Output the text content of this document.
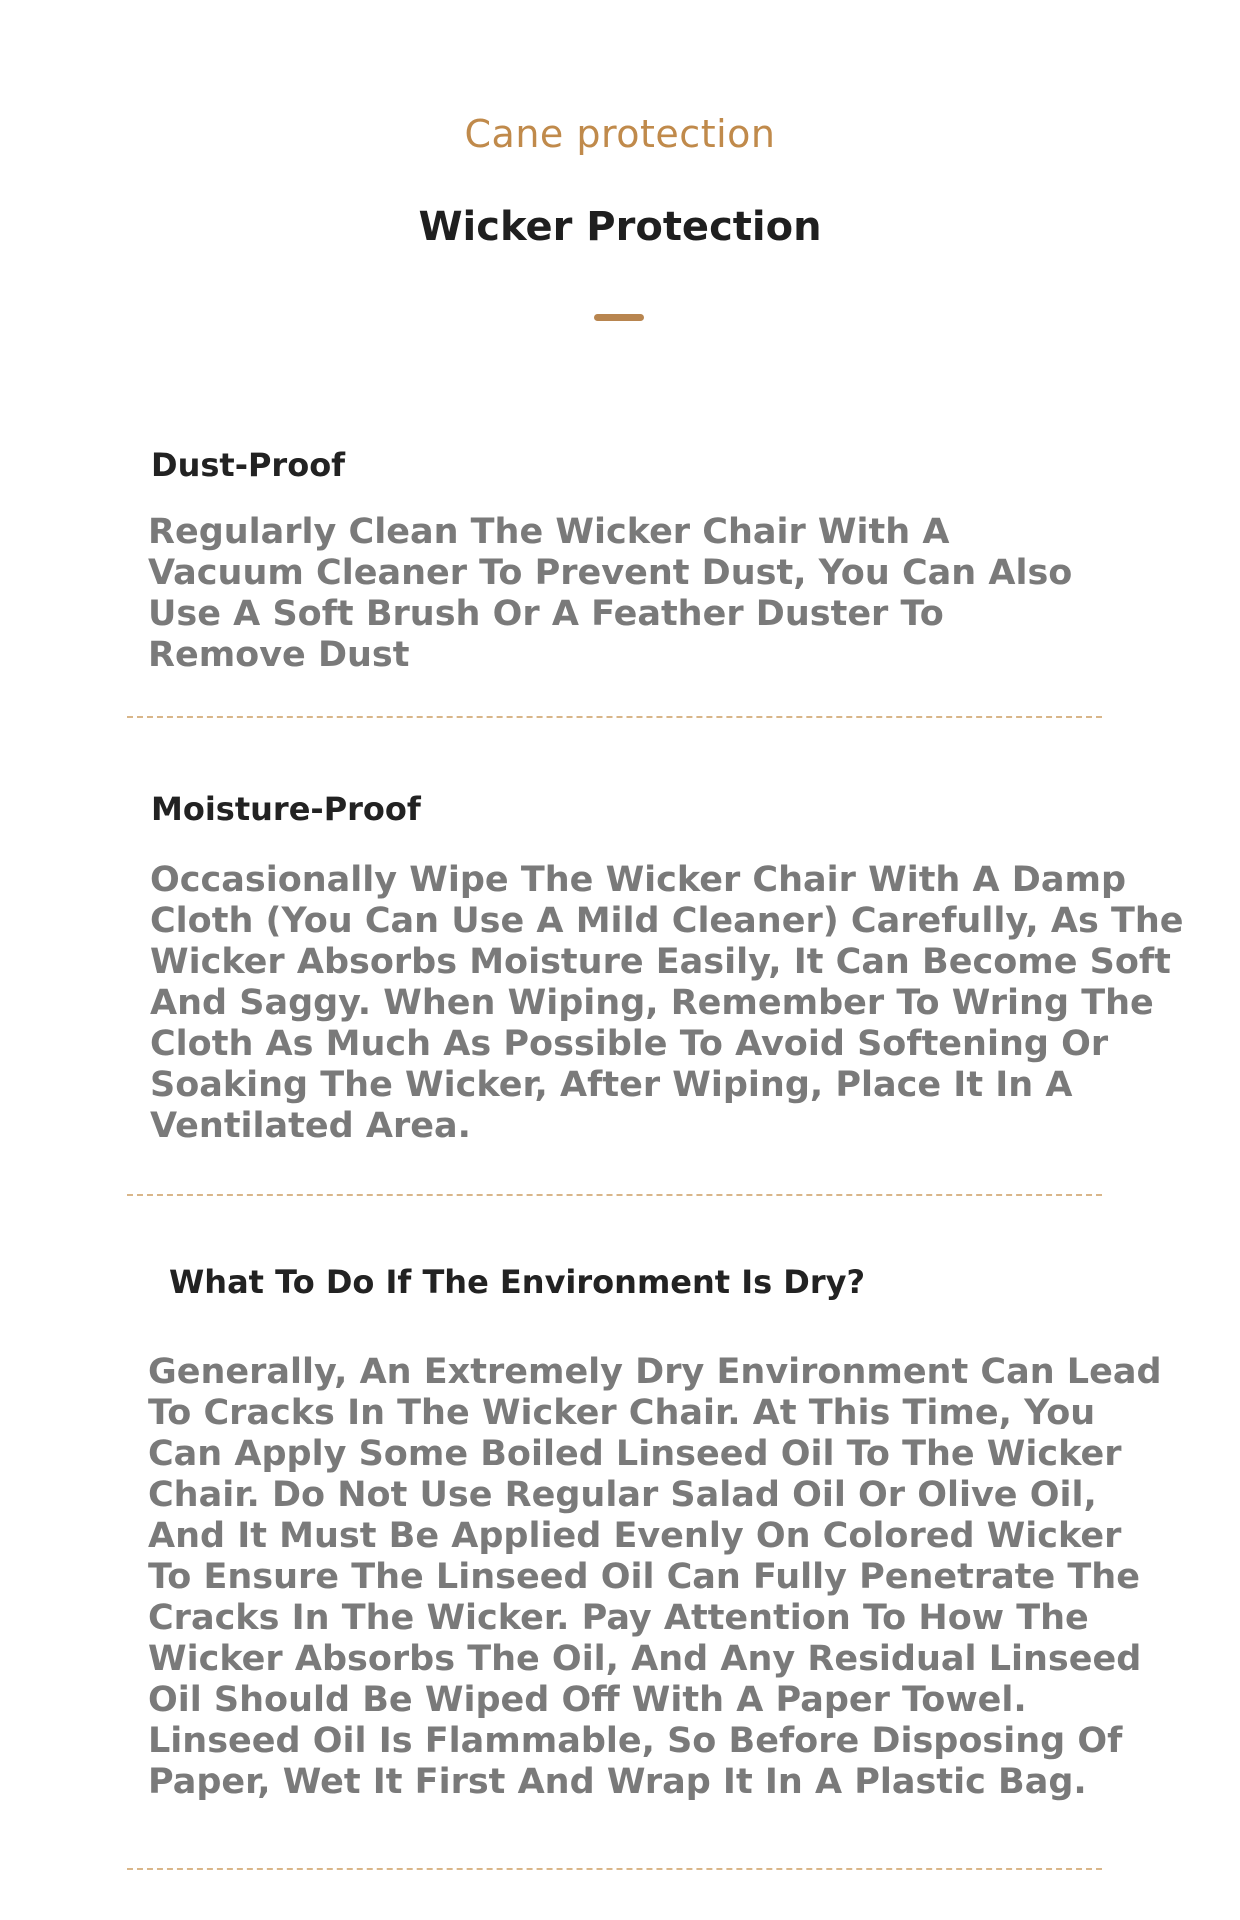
Cane protection
Wicker Protection
Dust-Proof
Regularly Clean The Wicker Chair With A
Vacuum Cleaner To Prevent Dust, You Can Also
Use A Soft Brush Or A Feather Duster To
Remove Dust
Moisture-Proof
Occasionally Wipe The Wicker Chair With A Damp
Cloth (You Can Use A Mild Cleaner) Carefully, As The
Wicker Absorbs Moisture Easily, It Can Become Soft
And Saggy. When Wiping, Remember To Wring The
Cloth As Much As Possible To Avoid Softening Or
Soaking The Wicker, After Wiping, Place It In A
Ventilated Area.
What To Do If The Environment Is Dry?
Generally, An Extremely Dry Environment Can Lead
To Cracks In The Wicker Chair. At This Time, You
Can Apply Some Boiled Linseed Oil To The Wicker
Chair. Do Not Use Regular Salad Oil Or Olive Oil,
And It Must Be Applied Evenly On Colored Wicker
To Ensure The Linseed Oil Can Fully Penetrate The
Cracks In The Wicker. Pay Attention To How The
Wicker Absorbs The Oil, And Any Residual Linseed
Oil Should Be Wiped Off With A Paper Towel.
Linseed Oil Is Flammable, So Before Disposing Of
Paper, Wet It First And Wrap It In A Plastic Bag.
